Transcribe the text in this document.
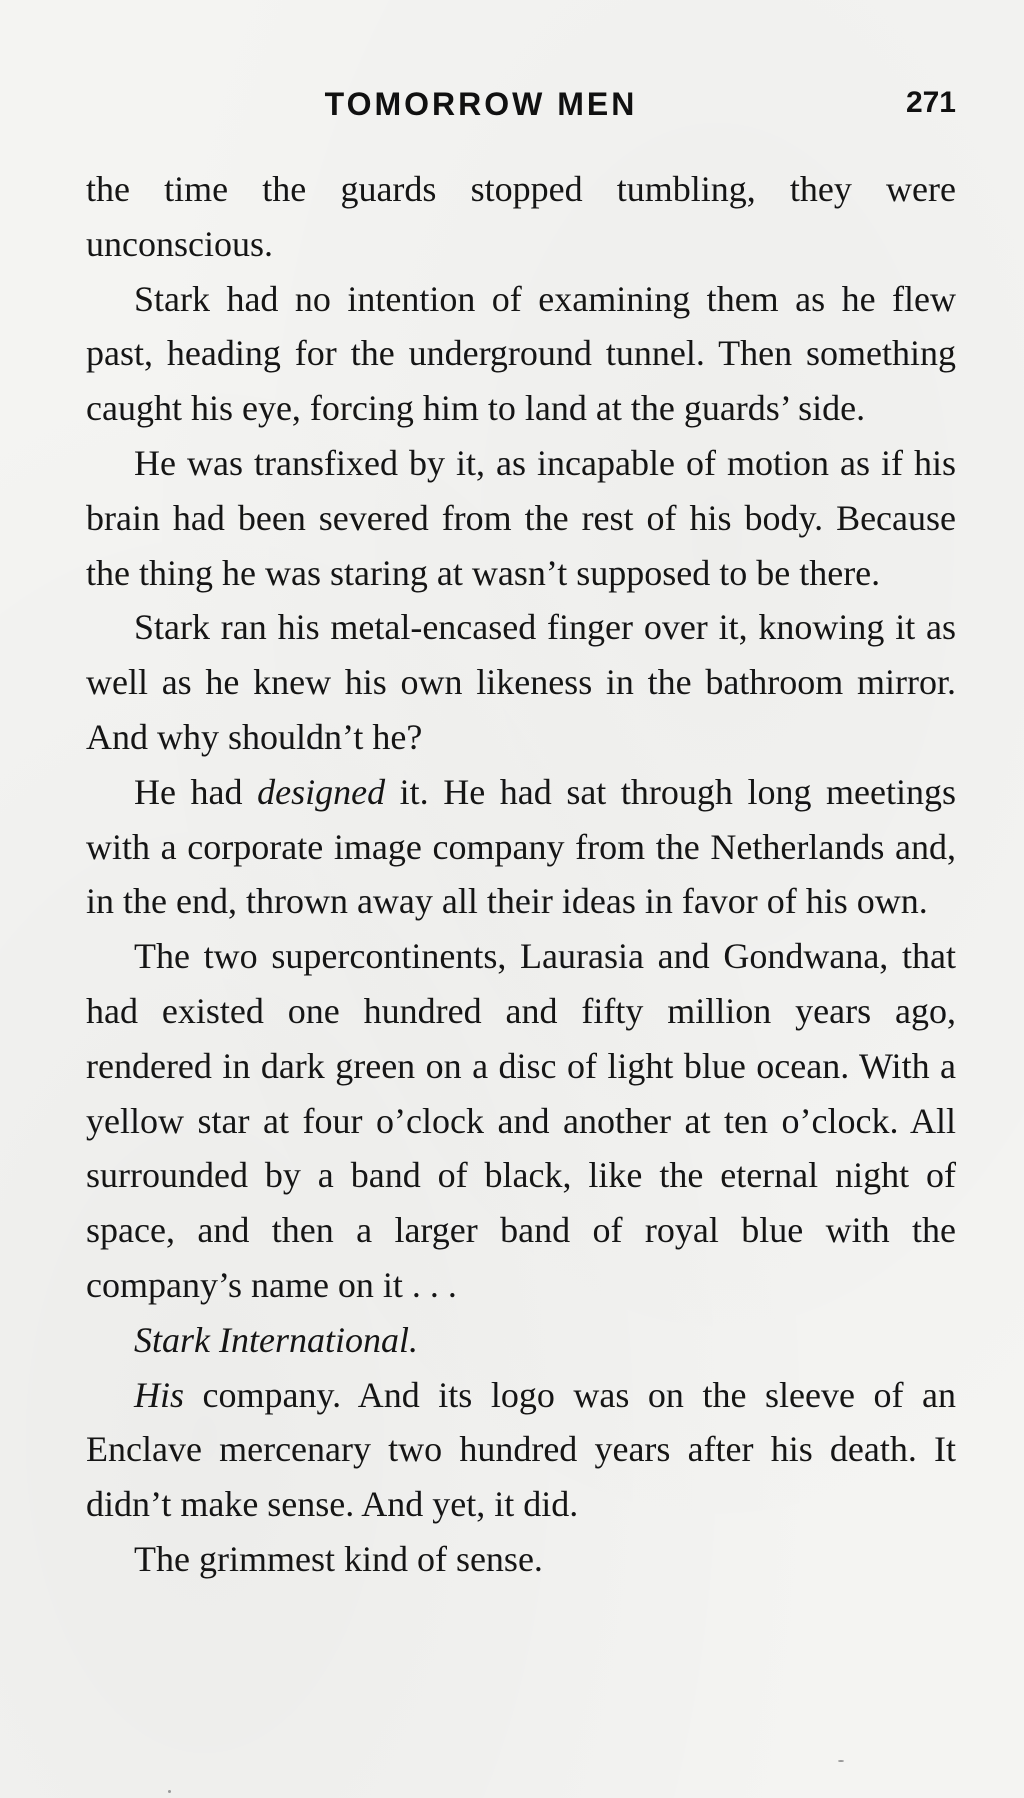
TOMORROW MEN	271

the time the guards stopped tumbling, they were unconscious.

Stark had no intention of examining them as he flew past, heading for the underground tunnel. Then something caught his eye, forcing him to land at the guards’ side.

He was transfixed by it, as incapable of motion as if his brain had been severed from the rest of his body. Because the thing he was staring at wasn’t supposed to be there.

Stark ran his metal-encased finger over it, knowing it as well as he knew his own likeness in the bathroom mirror. And why shouldn’t he?

He had designed it. He had sat through long meetings with a corporate image company from the Netherlands and, in the end, thrown away all their ideas in favor of his own.

The two supercontinents, Laurasia and Gondwana, that had existed one hundred and fifty million years ago, rendered in dark green on a disc of light blue ocean. With a yellow star at four o’clock and another at ten o’clock. All surrounded by a band of black, like the eternal night of space, and then a larger band of royal blue with the company’s name on it . . .

Stark International.

His company. And its logo was on the sleeve of an Enclave mercenary two hundred years after his death. It didn’t make sense. And yet, it did.

The grimmest kind of sense.
